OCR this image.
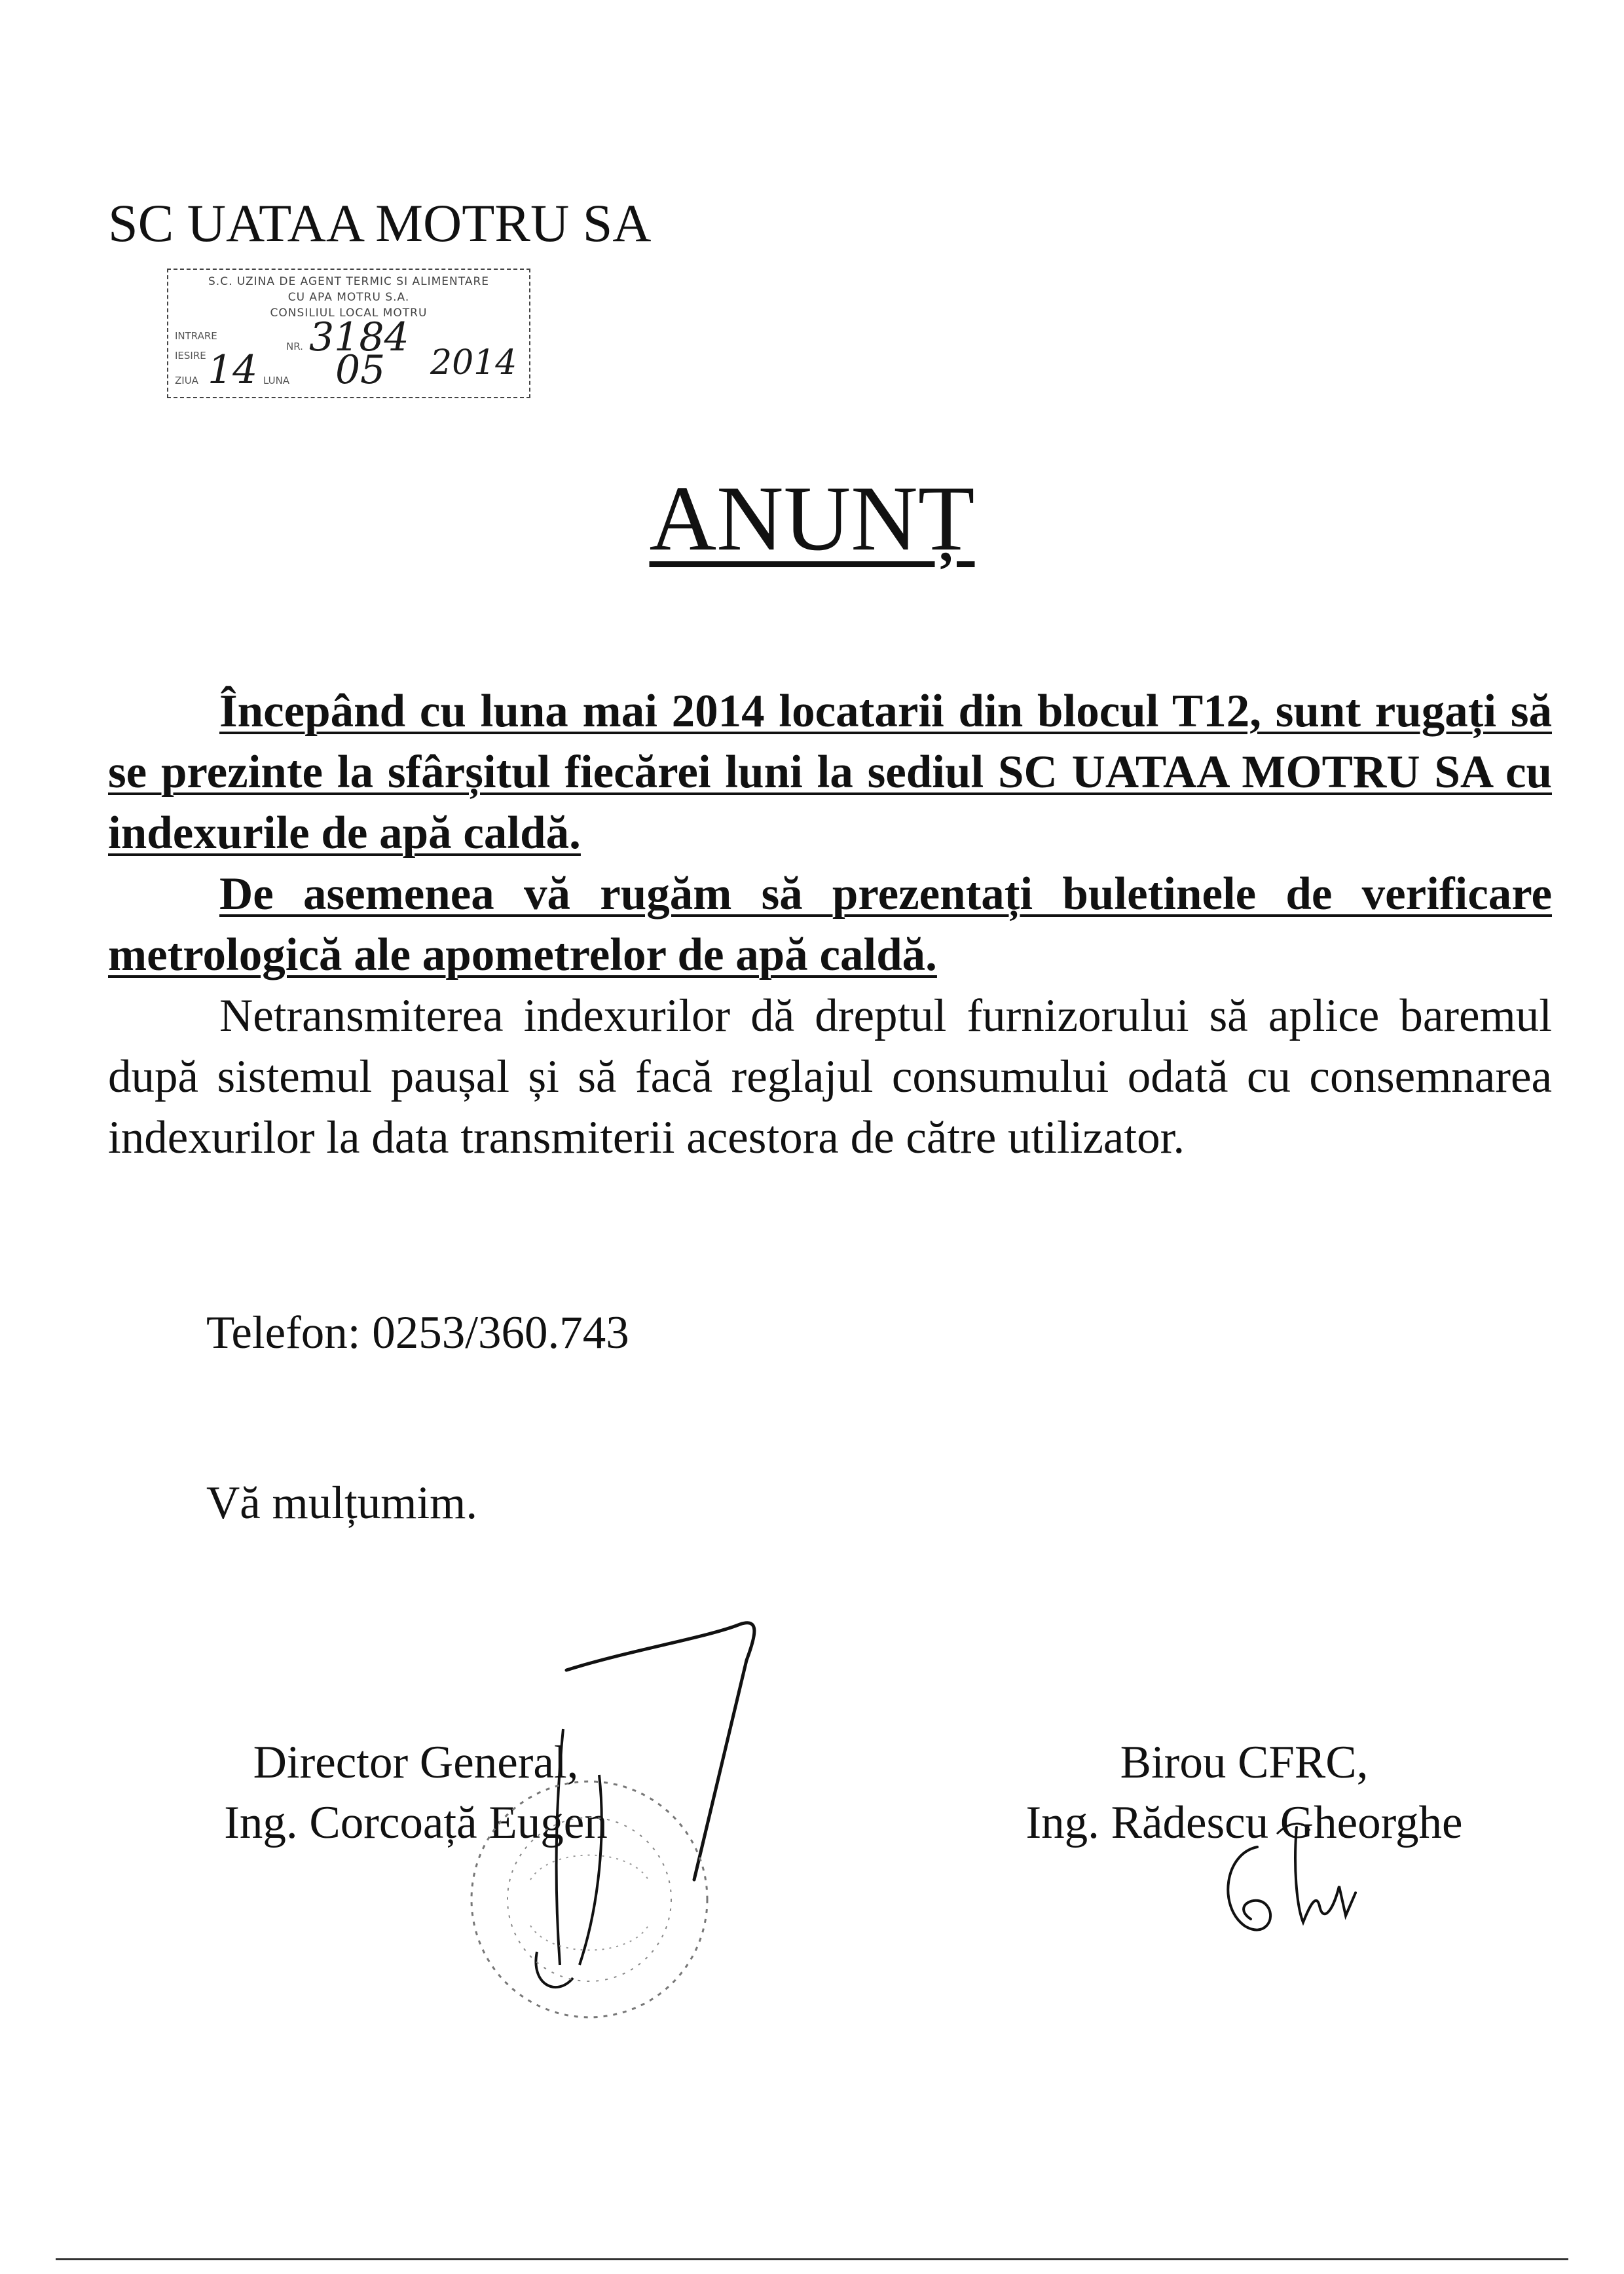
SC UATAA MOTRU SA
S.C. UZINA DE AGENT TERMIC SI ALIMENTARE
CU APA MOTRU S.A.
CONSILIUL LOCAL MOTRU
INTRARE
IESIRE
NR. 3184
ZIUA 14 LUNA 05 2014
ANUNȚ

Începând cu luna mai 2014 locatarii din blocul T12, sunt rugați să se prezinte la sfârșitul fiecărei luni la sediul SC UATAA MOTRU SA cu indexurile de apă caldă.

De asemenea vă rugăm să prezentați buletinele de verificare metrologică ale apometrelor de apă caldă.

Netransmiterea indexurilor dă dreptul furnizorului să aplice baremul după sistemul paușal și să facă reglajul consumului odată cu consemnarea indexurilor la data transmiterii acestora de către utilizator.

Telefon: 0253/360.743
Vă mulțumim.
Director General,
Ing. Corcoață Eugen
Birou CFRC,
Ing. Rădescu Gheorghe
